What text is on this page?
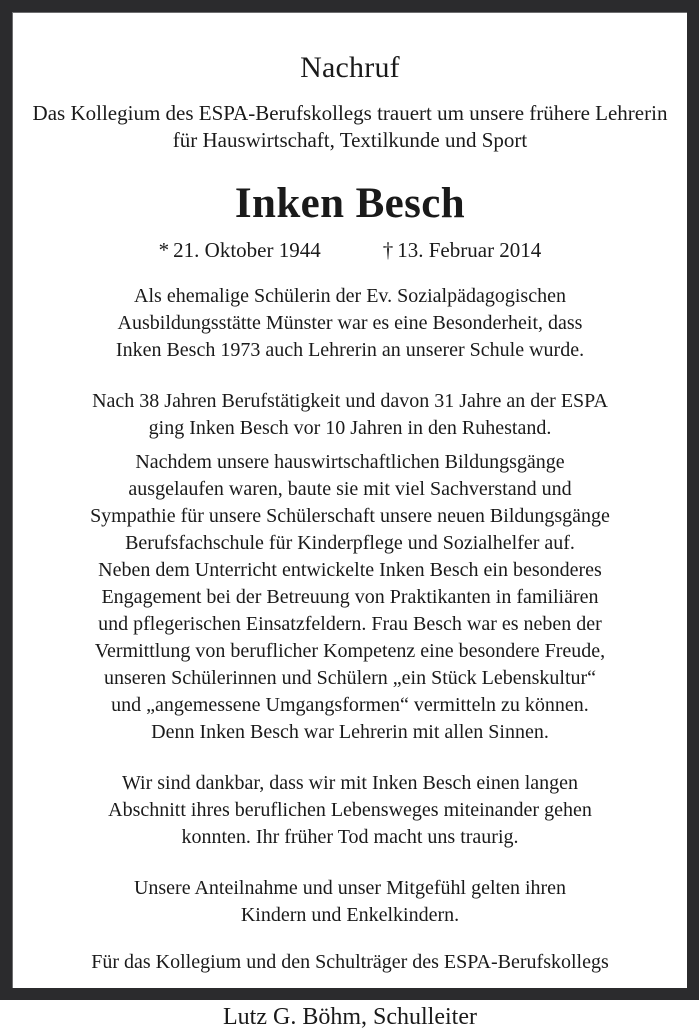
Nachruf

Das Kollegium des ESPA-Berufskollegs trauert um unsere frühere Lehrerin für Hauswirtschaft, Textilkunde und Sport

Inken Besch

* 21. Oktober 1944	† 13. Februar 2014

Als ehemalige Schülerin der Ev. Sozialpädagogischen
Ausbildungsstätte Münster war es eine Besonderheit, dass
Inken Besch 1973 auch Lehrerin an unserer Schule wurde.

Nach 38 Jahren Berufstätigkeit und davon 31 Jahre an der ESPA
ging Inken Besch vor 10 Jahren in den Ruhestand.

Nachdem unsere hauswirtschaftlichen Bildungsgänge
ausgelaufen waren, baute sie mit viel Sachverstand und
Sympathie für unsere Schülerschaft unsere neuen Bildungsgänge
Berufsfachschule für Kinderpflege und Sozialhelfer auf.
Neben dem Unterricht entwickelte Inken Besch ein besonderes
Engagement bei der Betreuung von Praktikanten in familiären
und pflegerischen Einsatzfeldern. Frau Besch war es neben der
Vermittlung von beruflicher Kompetenz eine besondere Freude,
unseren Schülerinnen und Schülern „ein Stück Lebenskultur“
und „angemessene Umgangsformen“ vermitteln zu können.
Denn Inken Besch war Lehrerin mit allen Sinnen.

Wir sind dankbar, dass wir mit Inken Besch einen langen
Abschnitt ihres beruflichen Lebensweges miteinander gehen
konnten. Ihr früher Tod macht uns traurig.

Unsere Anteilnahme und unser Mitgefühl gelten ihren
Kindern und Enkelkindern.

Für das Kollegium und den Schulträger des ESPA-Berufskollegs

Lutz G. Böhm, Schulleiter
